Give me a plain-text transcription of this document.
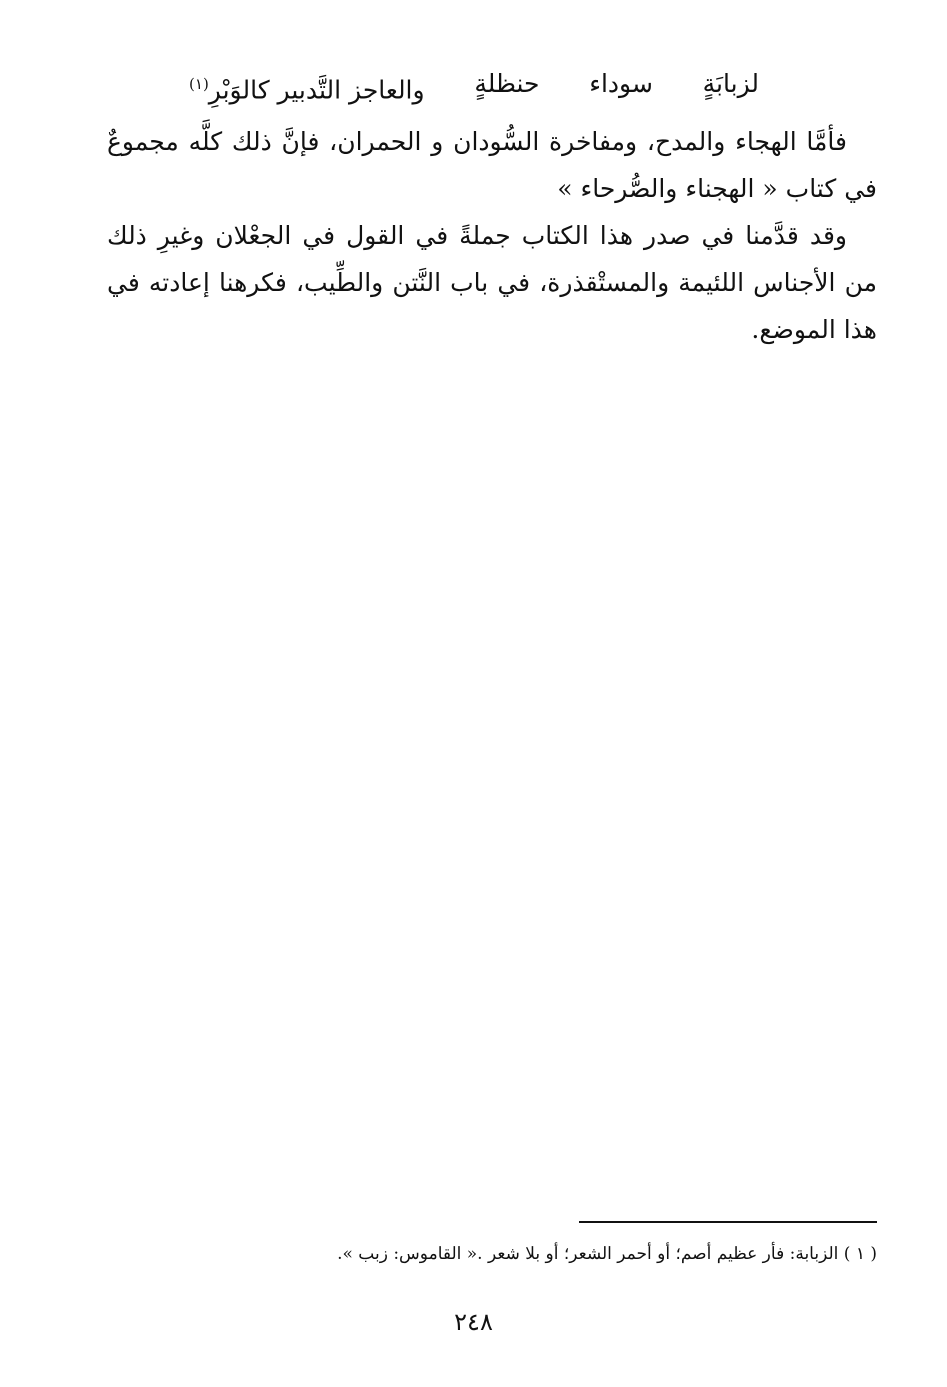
لزبابَةٍ
سوداء
حنظلةٍ
والعاجز التَّدبير كالوَبْرِ$^{(١)}$

فأمَّا الهجاء والمدح، ومفاخرة السُّودان و الحمران، فإنَّ ذلك كلَّه مجموعٌ في كتاب « الهجناء والصُّرحاء »

وقد قدَّمنا في صدر هذا الكتاب جملةً في القول في الجعْلان وغيرِ ذلك من الأجناس اللئيمة والمستْقذرة، في باب النَّتن والطِّيب، فكرهنا إعادته في هذا الموضع.

( ١ ) الزبابة: فأر عظيم أصم؛ أو أحمر الشعر؛ أو بلا شعر .« القاموس: زبب ».
٢٤٨
